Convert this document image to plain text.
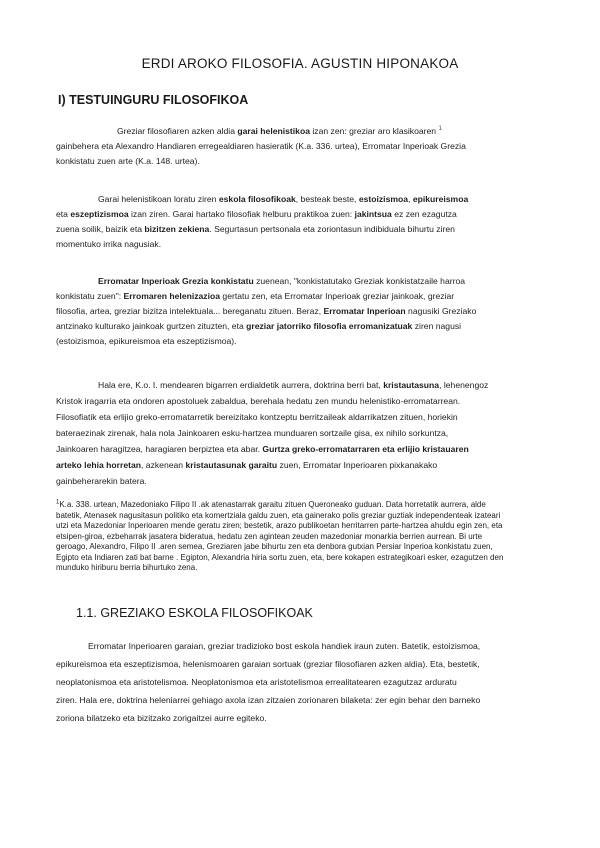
ERDI AROKO FILOSOFIA. AGUSTIN HIPONAKOA
I) TESTUINGURU FILOSOFIKOA
Greziar filosofiaren azken aldia garai helenistikoa izan zen: greziar aro klasikoaren $^1$
gainbehera eta Alexandro Handiaren erregealdiaren hasieratik (K.a. 336. urtea), Erromatar Inperioak Grezia
konkistatu zuen arte (K.a. 148. urtea).
Garai helenistikoan loratu ziren eskola filosofikoak, besteak beste, estoizismoa, epikureismoa
eta eszeptizismoa izan ziren. Garai hartako filosofiak helburu praktikoa zuen: jakintsua ez zen ezagutza
zuena soilik, baizik eta bizitzen zekiena. Segurtasun pertsonala eta zoriontasun indibiduala bihurtu ziren
momentuko irrika nagusiak.
Erromatar Inperioak Grezia konkistatu zuenean, "konkistatutako Greziak konkistatzaile harroa
konkistatu zuen": Erromaren helenizazioa gertatu zen, eta Erromatar Inperioak greziar jainkoak, greziar
filosofia, artea, greziar bizitza intelektuala... bereganatu zituen. Beraz, Erromatar Inperioan nagusiki Greziako
antzinako kulturako jainkoak gurtzen zituzten, eta greziar jatorriko filosofia erromanizatuak ziren nagusi
(estoizismoa, epikureismoa eta eszeptizismoa).
Hala ere, K.o. I. mendearen bigarren erdialdetik aurrera, doktrina berri bat, kristautasuna, lehenengoz
Kristok iragarria eta ondoren apostoluek zabaldua, berehala hedatu zen mundu helenistiko-erromatarrean.
Filosofiatik eta erlijio greko-erromatarretik bereizitako kontzeptu berritzaileak aldarrikatzen zituen, horiekin
bateraezinak zirenak, hala nola Jainkoaren esku-hartzea munduaren sortzaile gisa, ex nihilo sorkuntza,
Jainkoaren haragitzea, haragiaren berpiztea eta abar. Gurtza greko-erromatarraren eta erlijio kristauaren
arteko lehia horretan, azkenean kristautasunak garaitu zuen, Erromatar Inperioaren pixkanakako
gainbeherarekin batera.
$^1$K.a. 338. urtean, Mazedoniako Filipo II .ak atenastarrak garaitu zituen Queroneako guduan. Data horretatik aurrera, alde
batetik, Atenasek nagusitasun politiko eta komertziala galdu zuen, eta gainerako polis greziar guztiak independenteak izateari
utzi eta Mazedoniar Inperioaren mende geratu ziren; bestetik, arazo publikoetan herritarren parte-hartzea ahuldu egin zen, eta
etsipen-giroa, ezbeharrak jasatera bideratua, hedatu zen agintean zeuden mazedoniar monarkia berrien aurrean. Bi urte
geroago, Alexandro, Filipo II .aren semea, Greziaren jabe bihurtu zen eta denbora gutxian Persiar Inperioa konkistatu zuen,
Egipto eta Indiaren zati bat barne . Egipton, Alexandria hiria sortu zuen, eta, bere kokapen estrategikoari esker, ezagutzen den
munduko hiriburu berria bihurtuko zena.
1.1. GREZIAKO ESKOLA FILOSOFIKOAK
Erromatar Inperioaren garaian, greziar tradizioko bost eskola handiek iraun zuten. Batetik, estoizismoa,
epikureismoa eta eszeptizismoa, helenismoaren garaian sortuak (greziar filosofiaren azken aldia). Eta, bestetik,
neoplatonismoa eta aristotelismoa. Neoplatonismoa eta aristotelismoa errealitatearen ezagutzaz arduratu
ziren. Hala ere, doktrina heleniarrei gehiago axola izan zitzaien zorionaren bilaketa: zer egin behar den barneko
zoriona bilatzeko eta bizitzako zorigaitzei aurre egiteko.
